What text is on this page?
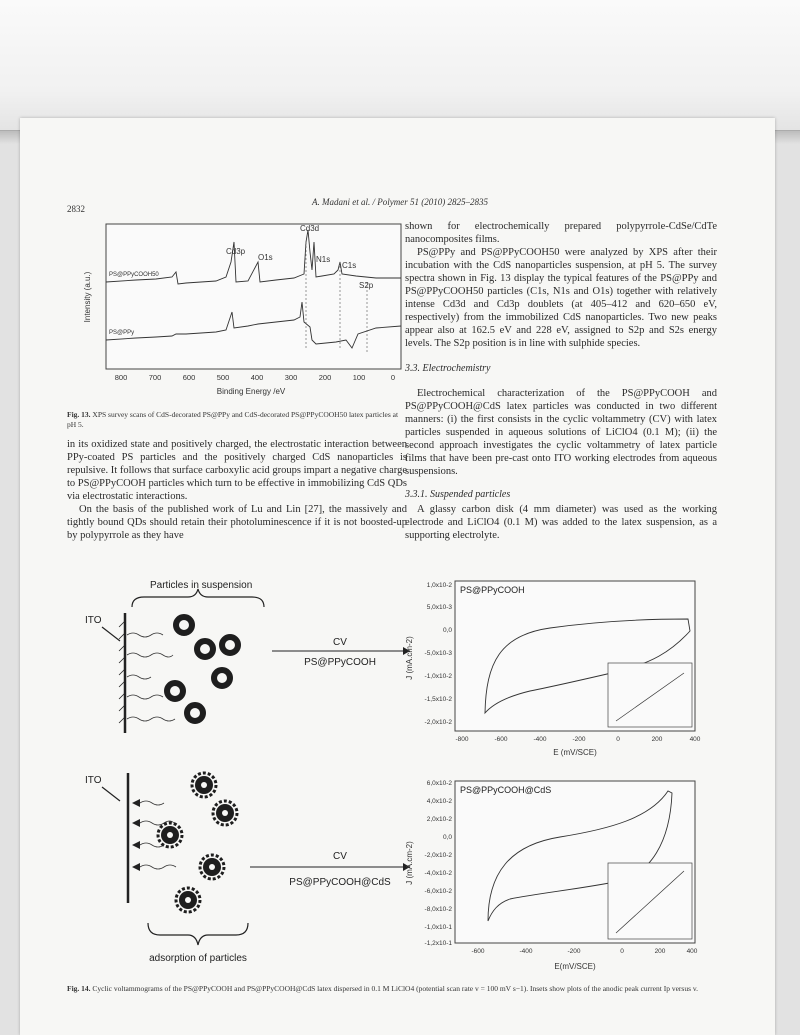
2832
A. Madani et al. / Polymer 51 (2010) 2825–2835
Intensity (a.u.)
Cd3p
O1s
Cd3d
N1s
C1s
S2p
PS@PPyCOOH50
PS@PPy
800	700	600	500	400	300	200	100	0
Binding Energy /eV
Fig. 13. XPS survey scans of CdS-decorated PS@PPy and CdS-decorated PS@PPyCOOH50 latex particles at pH 5.

in its oxidized state and positively charged, the electrostatic interaction between PPy-coated PS particles and the positively charged CdS nanoparticles is repulsive. It follows that surface carboxylic acid groups impart a negative charge to PS@PPyCOOH particles which turn to be effective in immobilizing CdS QDs via electrostatic interactions.

On the basis of the published work of Lu and Lin [27], the massively and tightly bound QDs should retain their photoluminescence if it is not boosted-up by polypyrrole as they have

shown for electrochemically prepared polypyrrole-CdSe/CdTe nanocomposites films.

PS@PPy and PS@PPyCOOH50 were analyzed by XPS after their incubation with the CdS nanoparticles suspension, at pH 5. The survey spectra shown in Fig. 13 display the typical features of the PS@PPy and PS@PPyCOOH50 particles (C1s, N1s and O1s) together with relatively intense Cd3d and Cd3p doublets (at 405–412 and 620–650 eV, respectively) from the immobilized CdS nanoparticles. Two new peaks appear also at 162.5 eV and 228 eV, assigned to S2p and S2s energy levels. The S2p position is in line with sulphide species.

3.3. Electrochemistry

Electrochemical characterization of the PS@PPyCOOH and PS@PPyCOOH@CdS latex particles was conducted in two different manners: (i) the first consists in the cyclic voltammetry (CV) with latex particles suspended in aqueous solutions of LiClO4 (0.1 M); (ii) the second approach investigates the cyclic voltammetry of latex particle films that have been pre-cast onto ITO working electrodes from aqueous suspensions.

3.3.1. Suspended particles

A glassy carbon disk (4 mm diameter) was used as the working electrode and LiClO4 (0.1 M) was added to the latex suspension, as a supporting electrolyte.

Particles in suspension
ITO
CV
PS@PPyCOOH
ITO
CV
PS@PPyCOOH@CdS
adsorption of particles
PS@PPyCOOH
1,0x10-2
5,0x10-3
0,0
-5,0x10-3
-1,0x10-2
-1,5x10-2
-2,0x10-2
-800	-600	-400	-200	0	200	400
J (mA.cm-2)
E (mV/SCE)
PS@PPyCOOH@CdS
6,0x10-2
4,0x10-2
2,0x10-2
0,0
-2,0x10-2
-4,0x10-2
-6,0x10-2
-8,0x10-2
-1,0x10-1
-1,2x10-1
-600	-400	-200	0	200	400
J (mA.cm-2)
E(mV/SCE)
Fig. 14. Cyclic voltammograms of the PS@PPyCOOH and PS@PPyCOOH@CdS latex dispersed in 0.1 M LiClO4 (potential scan rate v = 100 mV s−1). Insets show plots of the anodic peak current Ip versus v.
